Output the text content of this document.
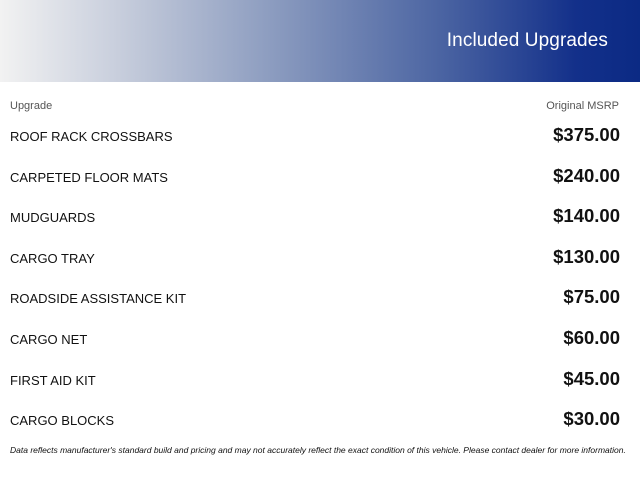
Included Upgrades
Upgrade	Original MSRP
ROOF RACK CROSSBARS	$375.00
CARPETED FLOOR MATS	$240.00
MUDGUARDS	$140.00
CARGO TRAY	$130.00
ROADSIDE ASSISTANCE KIT	$75.00
CARGO NET	$60.00
FIRST AID KIT	$45.00
CARGO BLOCKS	$30.00
Data reflects manufacturer's standard build and pricing and may not accurately reflect the exact condition of this vehicle. Please contact dealer for more information.
